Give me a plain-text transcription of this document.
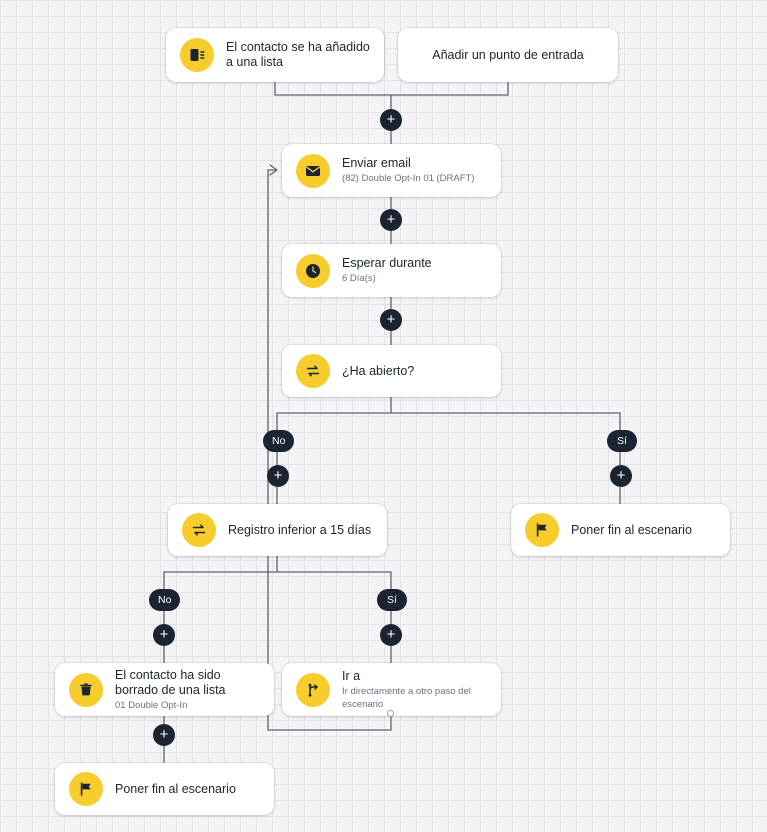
El contacto se ha añadido a una lista	Añadir un punto de entrada
Enviar email
(82) Double Opt-In 01 (DRAFT)
Esperar durante
6 Día(s)
¿Ha abierto?
Registro inferior a 15 días	Poner fin al escenario
El contacto ha sido borrado de una lista
01 Double Opt-In
Ir a
Ir directamente a otro paso del escenario
Poner fin al escenario
+
+
+
+	+
+	+
+
No	Sí
No	Sí
